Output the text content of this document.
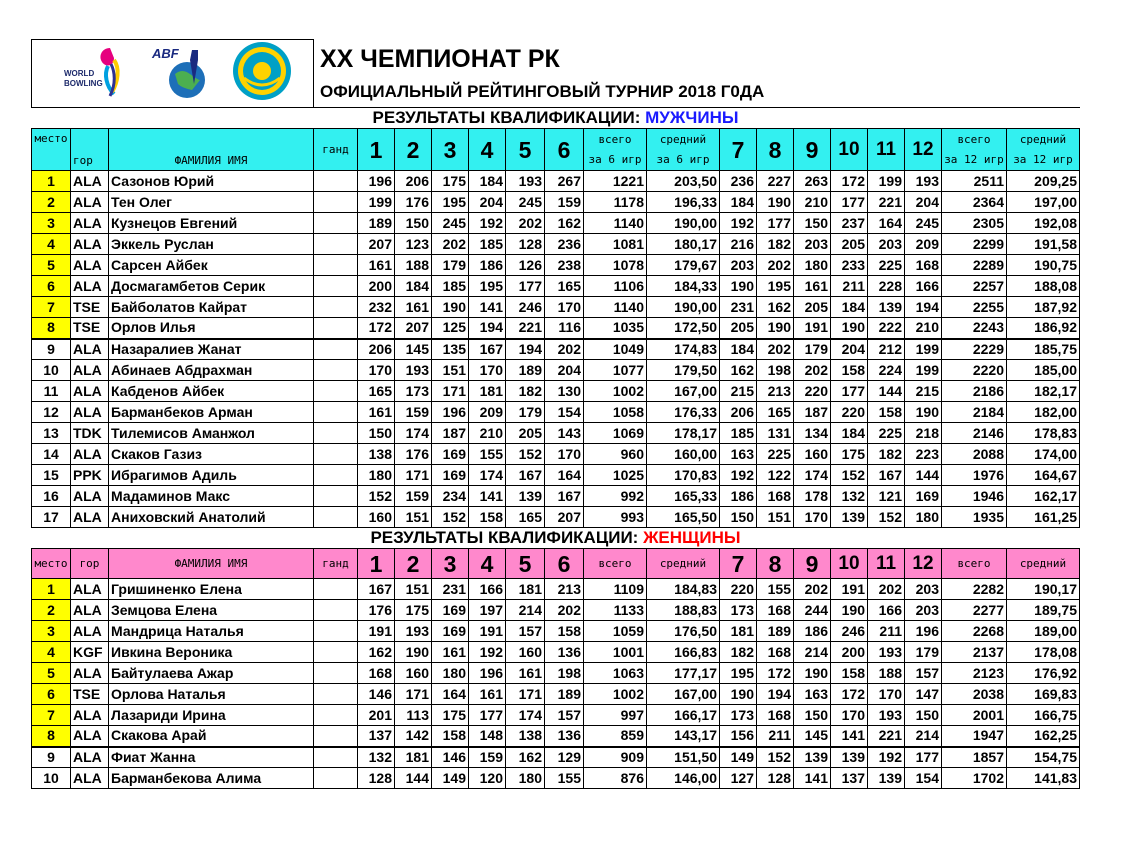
WORLD
BOWLING
ABF			XX ЧЕМПИОНАТ РК																
			ОФИЦИАЛЬНЫЙ РЕЙТИНГОВЫЙ ТУРНИР 2018 Г0ДА																
РЕЗУЛЬТАТЫ КВАЛИФИКАЦИИ: МУЖЧИНЫ																			
место	гор	ФАМИЛИЯ ИМЯ	ганд	1	2	3	4	5	6	всего	средний	7	8	9	10	11	12	всего	средний
										за 6 игр	за 6 игр							за 12 игр	за 12 игр
1	ALA	Сазонов Юрий		196	206	175	184	193	267	1221	203,50	236	227	263	172	199	193	2511	209,25
2	ALA	Тен Олег		199	176	195	204	245	159	1178	196,33	184	190	210	177	221	204	2364	197,00
3	ALA	Кузнецов Евгений		189	150	245	192	202	162	1140	190,00	192	177	150	237	164	245	2305	192,08
4	ALA	Эккель Руслан		207	123	202	185	128	236	1081	180,17	216	182	203	205	203	209	2299	191,58
5	ALA	Сарсен Айбек		161	188	179	186	126	238	1078	179,67	203	202	180	233	225	168	2289	190,75
6	ALA	Досмагамбетов Серик		200	184	185	195	177	165	1106	184,33	190	195	161	211	228	166	2257	188,08
7	TSE	Байболатов Кайрат		232	161	190	141	246	170	1140	190,00	231	162	205	184	139	194	2255	187,92
8	TSE	Орлов Илья		172	207	125	194	221	116	1035	172,50	205	190	191	190	222	210	2243	186,92
9	ALA	Назаралиев Жанат		206	145	135	167	194	202	1049	174,83	184	202	179	204	212	199	2229	185,75
10	ALA	Абинаев Абдрахман		170	193	151	170	189	204	1077	179,50	162	198	202	158	224	199	2220	185,00
11	ALA	Кабденов Айбек		165	173	171	181	182	130	1002	167,00	215	213	220	177	144	215	2186	182,17
12	ALA	Барманбеков Арман		161	159	196	209	179	154	1058	176,33	206	165	187	220	158	190	2184	182,00
13	TDK	Тилемисов Аманжол		150	174	187	210	205	143	1069	178,17	185	131	134	184	225	218	2146	178,83
14	ALA	Скаков Газиз		138	176	169	155	152	170	960	160,00	163	225	160	175	182	223	2088	174,00
15	PPK	Ибрагимов Адиль		180	171	169	174	167	164	1025	170,83	192	122	174	152	167	144	1976	164,67
16	ALA	Мадаминов Макс		152	159	234	141	139	167	992	165,33	186	168	178	132	121	169	1946	162,17
17	ALA	Аниховский Анатолий		160	151	152	158	165	207	993	165,50	150	151	170	139	152	180	1935	161,25
РЕЗУЛЬТАТЫ КВАЛИФИКАЦИИ: ЖЕНЩИНЫ																			
место	гор	ФАМИЛИЯ ИМЯ	ганд	1	2	3	4	5	6	всего	средний	7	8	9	10	11	12	всего	средний
1	ALA	Гришиненко Елена		167	151	231	166	181	213	1109	184,83	220	155	202	191	202	203	2282	190,17
2	ALA	Земцова Елена		176	175	169	197	214	202	1133	188,83	173	168	244	190	166	203	2277	189,75
3	ALA	Мандрица Наталья		191	193	169	191	157	158	1059	176,50	181	189	186	246	211	196	2268	189,00
4	KGF	Ивкина Вероника		162	190	161	192	160	136	1001	166,83	182	168	214	200	193	179	2137	178,08
5	ALA	Байтулаева Ажар		168	160	180	196	161	198	1063	177,17	195	172	190	158	188	157	2123	176,92
6	TSE	Орлова Наталья		146	171	164	161	171	189	1002	167,00	190	194	163	172	170	147	2038	169,83
7	ALA	Лазариди Ирина		201	113	175	177	174	157	997	166,17	173	168	150	170	193	150	2001	166,75
8	ALA	Скакова Арай		137	142	158	148	138	136	859	143,17	156	211	145	141	221	214	1947	162,25
9	ALA	Фиат Жанна		132	181	146	159	162	129	909	151,50	149	152	139	139	192	177	1857	154,75
10	ALA	Барманбекова Алима		128	144	149	120	180	155	876	146,00	127	128	141	137	139	154	1702	141,83
